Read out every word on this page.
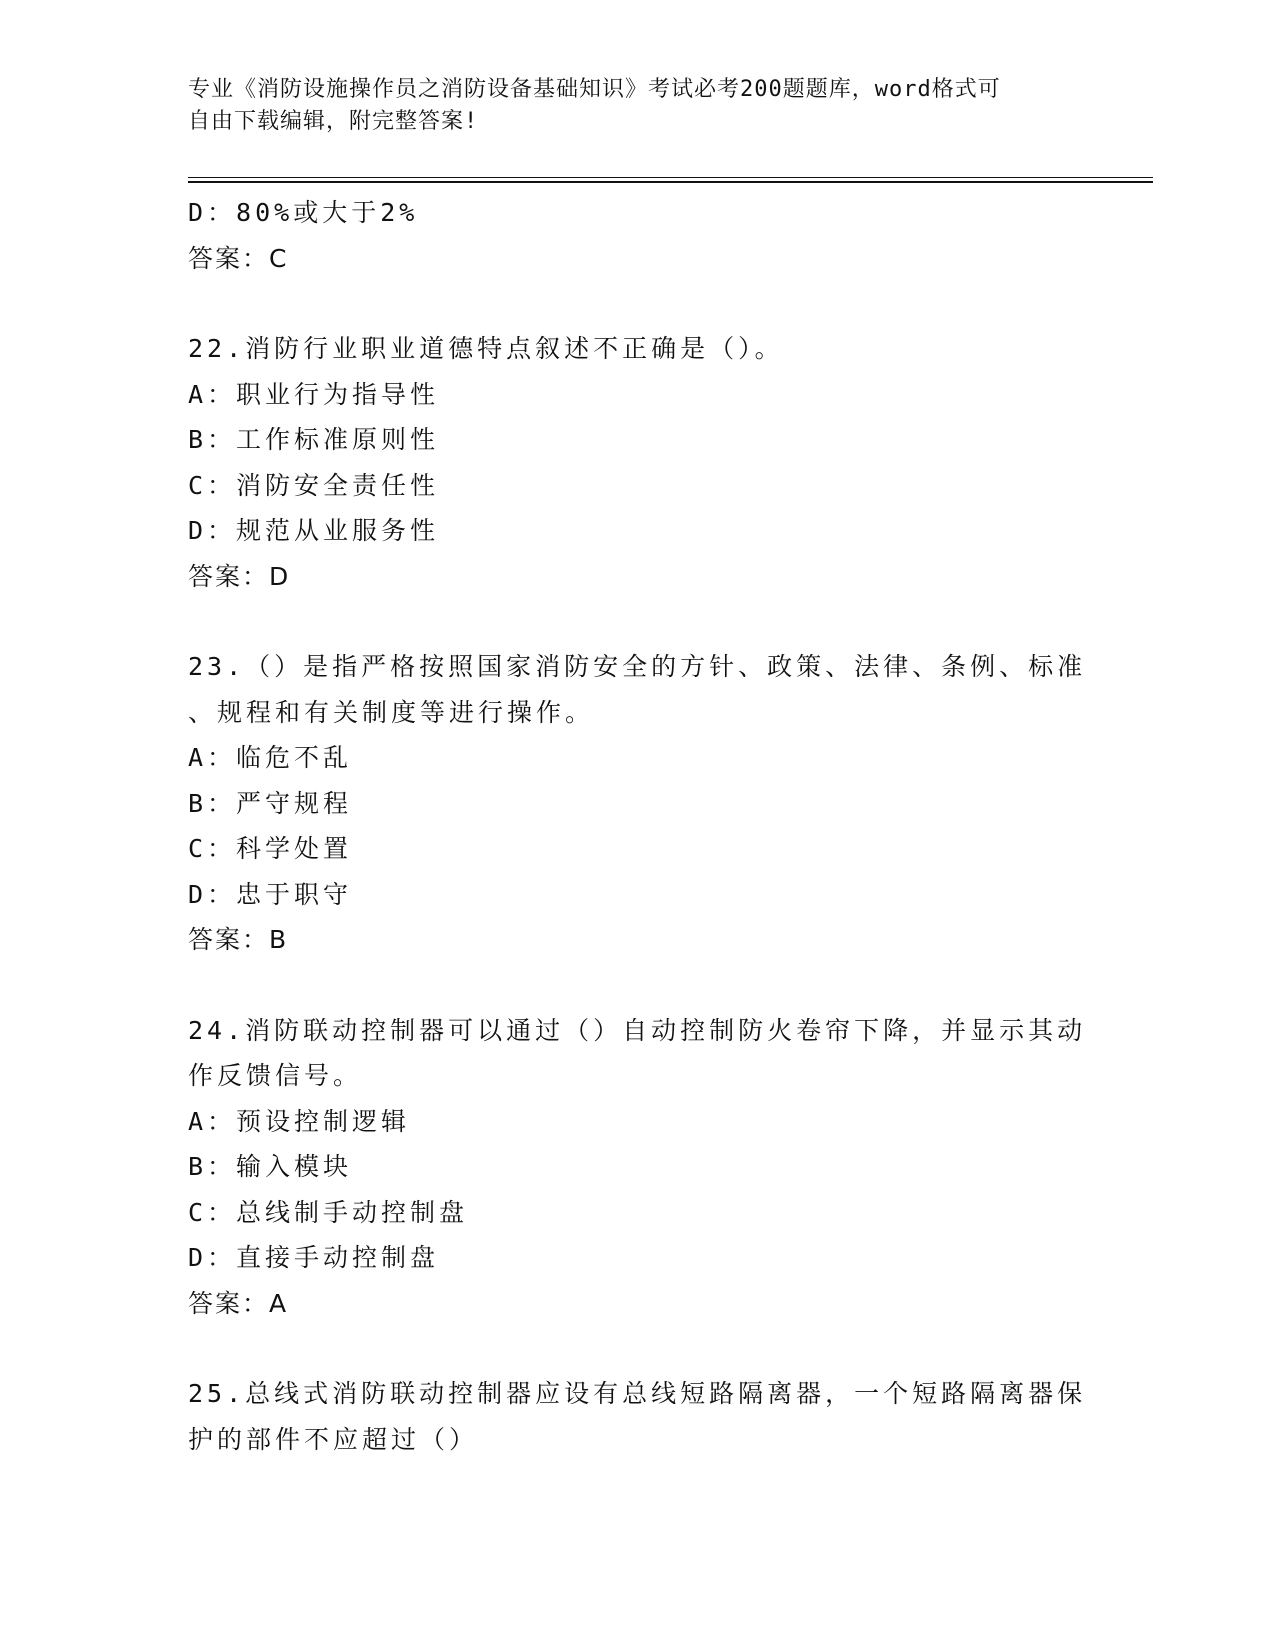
专业《消防设施操作员之消防设备基础知识》考试必考200题题库，word格式可
自由下载编辑，附完整答案!
D：80%或大于2%
答案：C
22.消防行业职业道德特点叙述不正确是（）。
A：职业行为指导性
B：工作标准原则性
C：消防安全责任性
D：规范从业服务性
答案：D
23.（）是指严格按照国家消防安全的方针、政策、法律、条例、标准
、规程和有关制度等进行操作。
A：临危不乱
B：严守规程
C：科学处置
D：忠于职守
答案：B
24.消防联动控制器可以通过（）自动控制防火卷帘下降，并显示其动
作反馈信号。
A：预设控制逻辑
B：输入模块
C：总线制手动控制盘
D：直接手动控制盘
答案：A
25.总线式消防联动控制器应设有总线短路隔离器，一个短路隔离器保
护的部件不应超过（）
